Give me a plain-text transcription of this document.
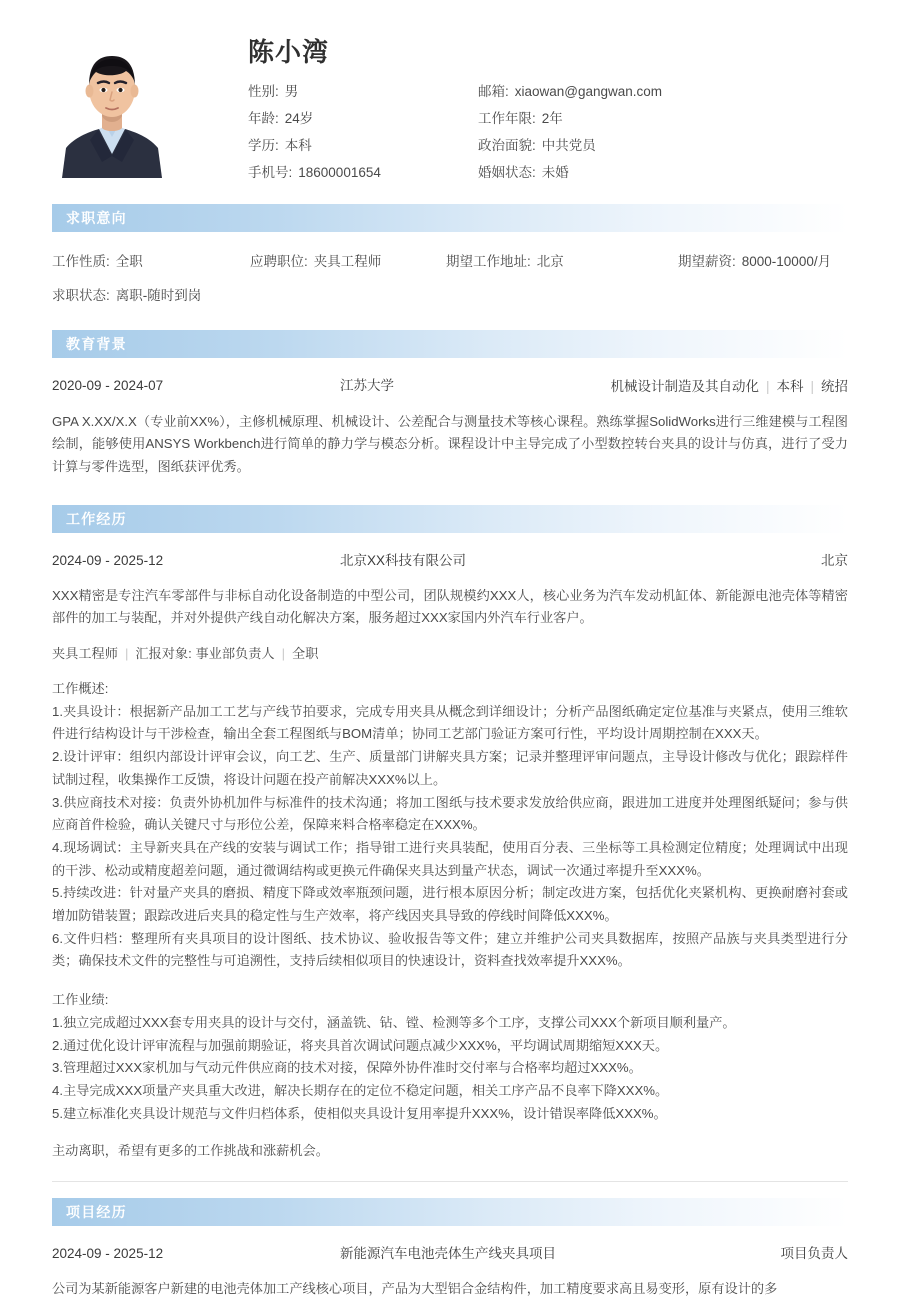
陈小湾
性别: 男	邮箱: xiaowan@gangwan.com
年龄: 24岁	工作年限: 2年
学历: 本科	政治面貌: 中共党员
手机号: 18600001654	婚姻状态: 未婚
求职意向
工作性质: 全职	应聘职位: 夹具工程师	期望工作地址: 北京	期望薪资: 8000-10000/月
求职状态: 离职-随时到岗
教育背景
2020-09 - 2024-07	江苏大学	机械设计制造及其自动化 | 本科 | 统招
GPA X.XX/X.X（专业前XX%），主修机械原理、机械设计、公差配合与测量技术等核心课程。熟练掌握SolidWorks进行三维建模与工程图绘制，能够使用ANSYS Workbench进行简单的静力学与模态分析。课程设计中主导完成了小型数控转台夹具的设计与仿真，进行了受力计算与零件选型，图纸获评优秀。
工作经历
2024-09 - 2025-12	北京XX科技有限公司	北京
XXX精密是专注汽车零部件与非标自动化设备制造的中型公司，团队规模约XXX人，核心业务为汽车发动机缸体、新能源电池壳体等精密部件的加工与装配，并对外提供产线自动化解决方案，服务超过XXX家国内外汽车行业客户。
夹具工程师 | 汇报对象: 事业部负责人 | 全职
工作概述:
1.夹具设计：根据新产品加工工艺与产线节拍要求，完成专用夹具从概念到详细设计；分析产品图纸确定定位基准与夹紧点，使用三维软件进行结构设计与干涉检查，输出全套工程图纸与BOM清单；协同工艺部门验证方案可行性，平均设计周期控制在XXX天。
2.设计评审：组织内部设计评审会议，向工艺、生产、质量部门讲解夹具方案；记录并整理评审问题点，主导设计修改与优化；跟踪样件试制过程，收集操作工反馈，将设计问题在投产前解决XXX%以上。
3.供应商技术对接：负责外协机加件与标准件的技术沟通；将加工图纸与技术要求发放给供应商，跟进加工进度并处理图纸疑问；参与供应商首件检验，确认关键尺寸与形位公差，保障来料合格率稳定在XXX%。
4.现场调试：主导新夹具在产线的安装与调试工作；指导钳工进行夹具装配，使用百分表、三坐标等工具检测定位精度；处理调试中出现的干涉、松动或精度超差问题，通过微调结构或更换元件确保夹具达到量产状态，调试一次通过率提升至XXX%。
5.持续改进：针对量产夹具的磨损、精度下降或效率瓶颈问题，进行根本原因分析；制定改进方案，包括优化夹紧机构、更换耐磨衬套或增加防错装置；跟踪改进后夹具的稳定性与生产效率，将产线因夹具导致的停线时间降低XXX%。
6.文件归档：整理所有夹具项目的设计图纸、技术协议、验收报告等文件；建立并维护公司夹具数据库，按照产品族与夹具类型进行分类；确保技术文件的完整性与可追溯性，支持后续相似项目的快速设计，资料查找效率提升XXX%。
工作业绩:
1.独立完成超过XXX套专用夹具的设计与交付，涵盖铣、钻、镗、检测等多个工序，支撑公司XXX个新项目顺利量产。
2.通过优化设计评审流程与加强前期验证，将夹具首次调试问题点减少XXX%，平均调试周期缩短XXX天。
3.管理超过XXX家机加与气动元件供应商的技术对接，保障外协件准时交付率与合格率均超过XXX%。
4.主导完成XXX项量产夹具重大改进，解决长期存在的定位不稳定问题，相关工序产品不良率下降XXX%。
5.建立标准化夹具设计规范与文件归档体系，使相似夹具设计复用率提升XXX%，设计错误率降低XXX%。
主动离职，希望有更多的工作挑战和涨薪机会。
项目经历
2024-09 - 2025-12	新能源汽车电池壳体生产线夹具项目	项目负责人
公司为某新能源客户新建的电池壳体加工产线核心项目，产品为大型铝合金结构件，加工精度要求高且易变形，原有设计的多
